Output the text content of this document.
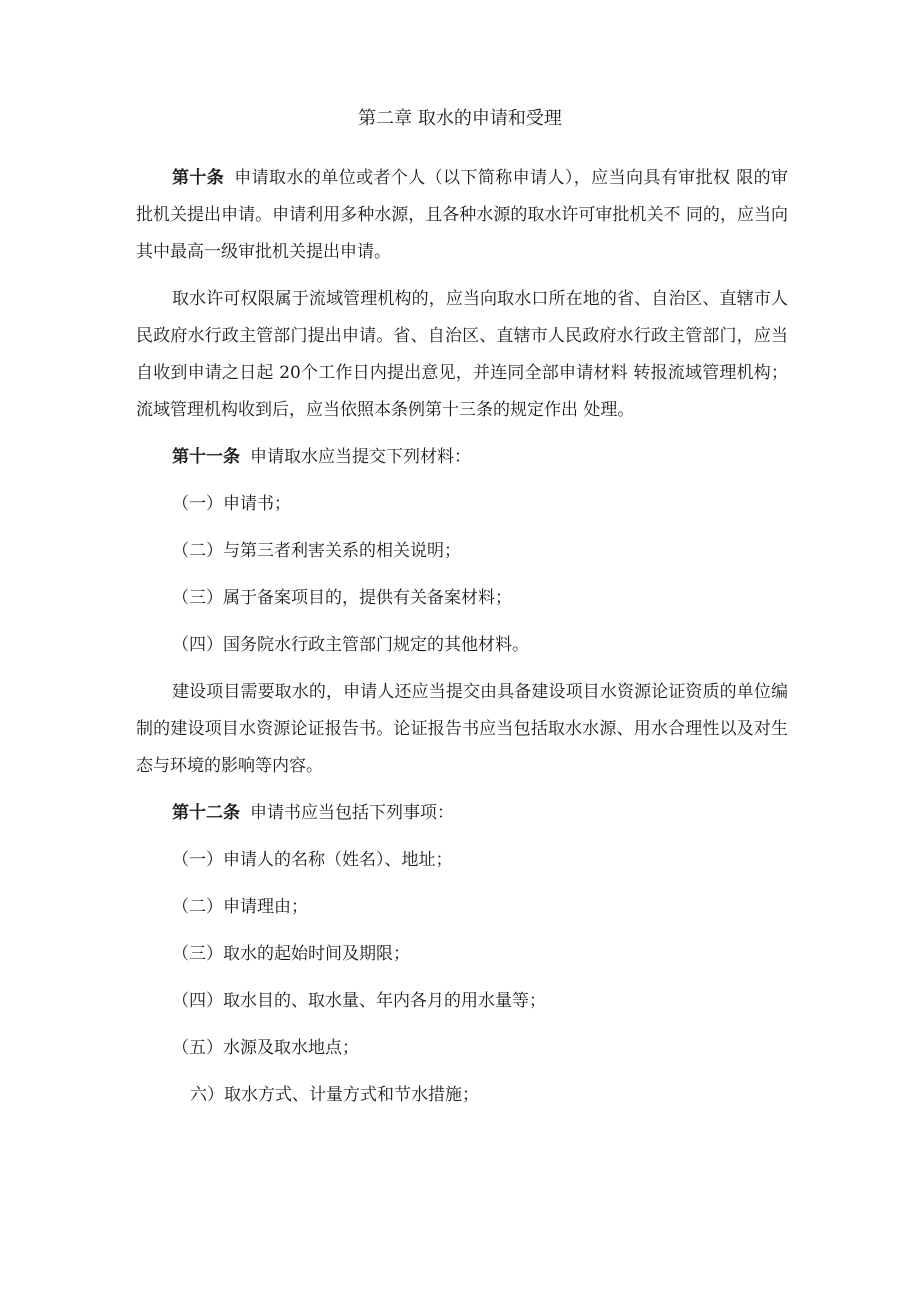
第二章 取水的申请和受理

第十条 申请取水的单位或者个人（以下简称申请人），应当向具有审批权 限的审批机关提出申请。申请利用多种水源，且各种水源的取水许可审批机关不 同的，应当向其中最高一级审批机关提出申请。

取水许可权限属于流域管理机构的，应当向取水口所在地的省、自治区、直辖市人民政府水行政主管部门提出申请。省、自治区、直辖市人民政府水行政主管部门，应当自收到申请之日起 20个工作日内提出意见，并连同全部申请材料 转报流域管理机构；流域管理机构收到后，应当依照本条例第十三条的规定作出 处理。

第十一条 申请取水应当提交下列材料：

（一）申请书；

（二）与第三者利害关系的相关说明；

（三）属于备案项目的，提供有关备案材料；

（四）国务院水行政主管部门规定的其他材料。

建设项目需要取水的，申请人还应当提交由具备建设项目水资源论证资质的单位编制的建设项目水资源论证报告书。论证报告书应当包括取水水源、用水合理性以及对生态与环境的影响等内容。

第十二条 申请书应当包括下列事项：

（一）申请人的名称（姓名）、地址；

（二）申请理由；

（三）取水的起始时间及期限；

（四）取水目的、取水量、年内各月的用水量等；

（五）水源及取水地点；

六）取水方式、计量方式和节水措施；
